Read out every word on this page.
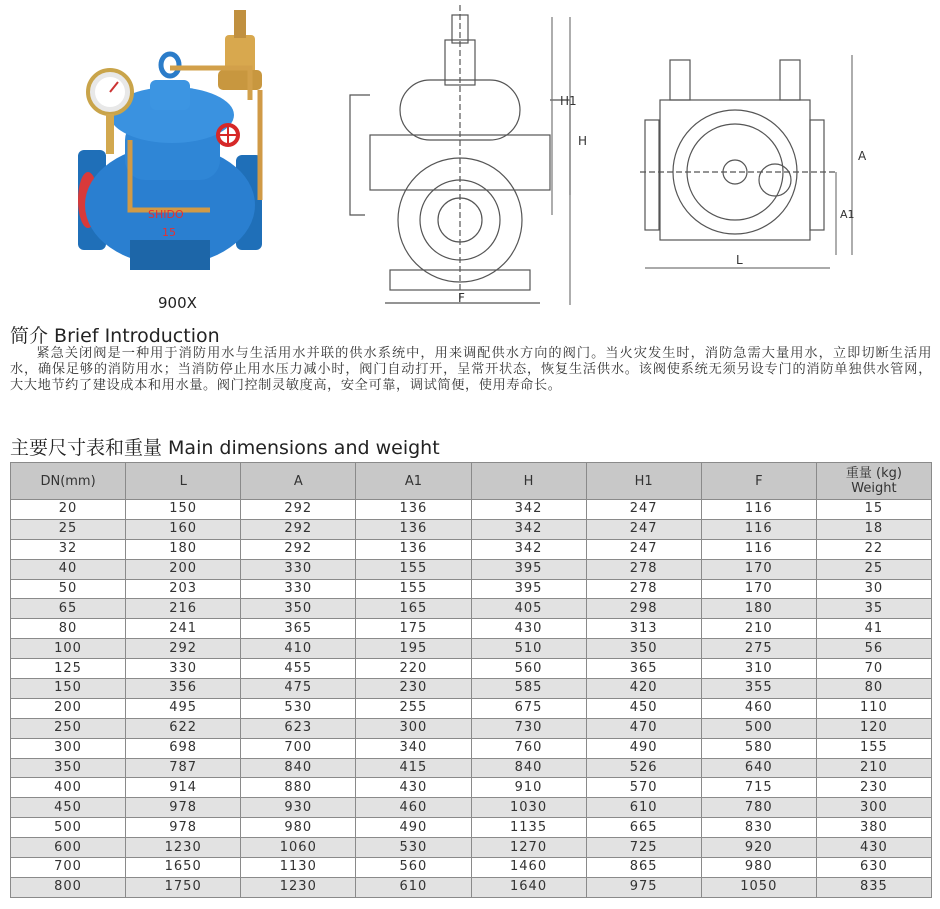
SHIDO
15
F
H
H1
L
A
A1
900X
简介 Brief Introduction
紧急关闭阀是一种用于消防用水与生活用水并联的供水系统中，用来调配供水方向的阀门。当火灾发生时，消防急需大量用水，立即切断生活用水，确保足够的消防用水；当消防停止用水压力减小时，阀门自动打开，呈常开状态，恢复生活供水。该阀使系统无须另设专门的消防单独供水管网，大大地节约了建设成本和用水量。阀门控制灵敏度高，安全可靠，调试简便，使用寿命长。
主要尺寸表和重量 Main dimensions and weight
DN(mm)	L	A	A1	H	H1	F	重量 (kg)
Weight

20	150	292	136	342	247	116	15
25	160	292	136	342	247	116	18
32	180	292	136	342	247	116	22
40	200	330	155	395	278	170	25
50	203	330	155	395	278	170	30
65	216	350	165	405	298	180	35
80	241	365	175	430	313	210	41
100	292	410	195	510	350	275	56
125	330	455	220	560	365	310	70
150	356	475	230	585	420	355	80
200	495	530	255	675	450	460	110
250	622	623	300	730	470	500	120
300	698	700	340	760	490	580	155
350	787	840	415	840	526	640	210
400	914	880	430	910	570	715	230
450	978	930	460	1030	610	780	300
500	978	980	490	1135	665	830	380
600	1230	1060	530	1270	725	920	430
700	1650	1130	560	1460	865	980	630
800	1750	1230	610	1640	975	1050	835
